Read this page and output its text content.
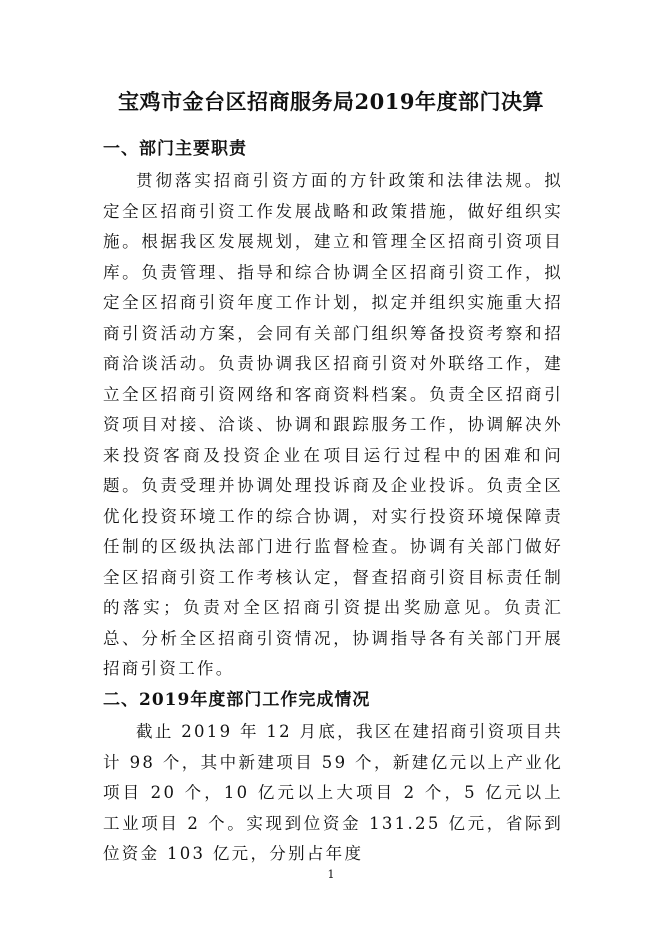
宝鸡市金台区招商服务局2019年度部门决算
一、部门主要职责

贯彻落实招商引资方面的方针政策和法律法规。拟定全区招商引资工作发展战略和政策措施，做好组织实施。根据我区发展规划，建立和管理全区招商引资项目库。负责管理、指导和综合协调全区招商引资工作，拟定全区招商引资年度工作计划，拟定并组织实施重大招商引资活动方案，会同有关部门组织筹备投资考察和招商洽谈活动。负责协调我区招商引资对外联络工作，建立全区招商引资网络和客商资料档案。负责全区招商引资项目对接、洽谈、协调和跟踪服务工作，协调解决外来投资客商及投资企业在项目运行过程中的困难和问题。负责受理并协调处理投诉商及企业投诉。负责全区优化投资环境工作的综合协调，对实行投资环境保障责任制的区级执法部门进行监督检查。协调有关部门做好全区招商引资工作考核认定，督查招商引资目标责任制的落实；负责对全区招商引资提出奖励意见。负责汇总、分析全区招商引资情况，协调指导各有关部门开展招商引资工作。

二、2019年度部门工作完成情况

截止 2019 年 12 月底，我区在建招商引资项目共计 98 个，其中新建项目 59 个，新建亿元以上产业化项目 20 个，10 亿元以上大项目 2 个，5 亿元以上工业项目 2 个。实现到位资金 131.25 亿元，省际到位资金 103 亿元，分别占年度

1
